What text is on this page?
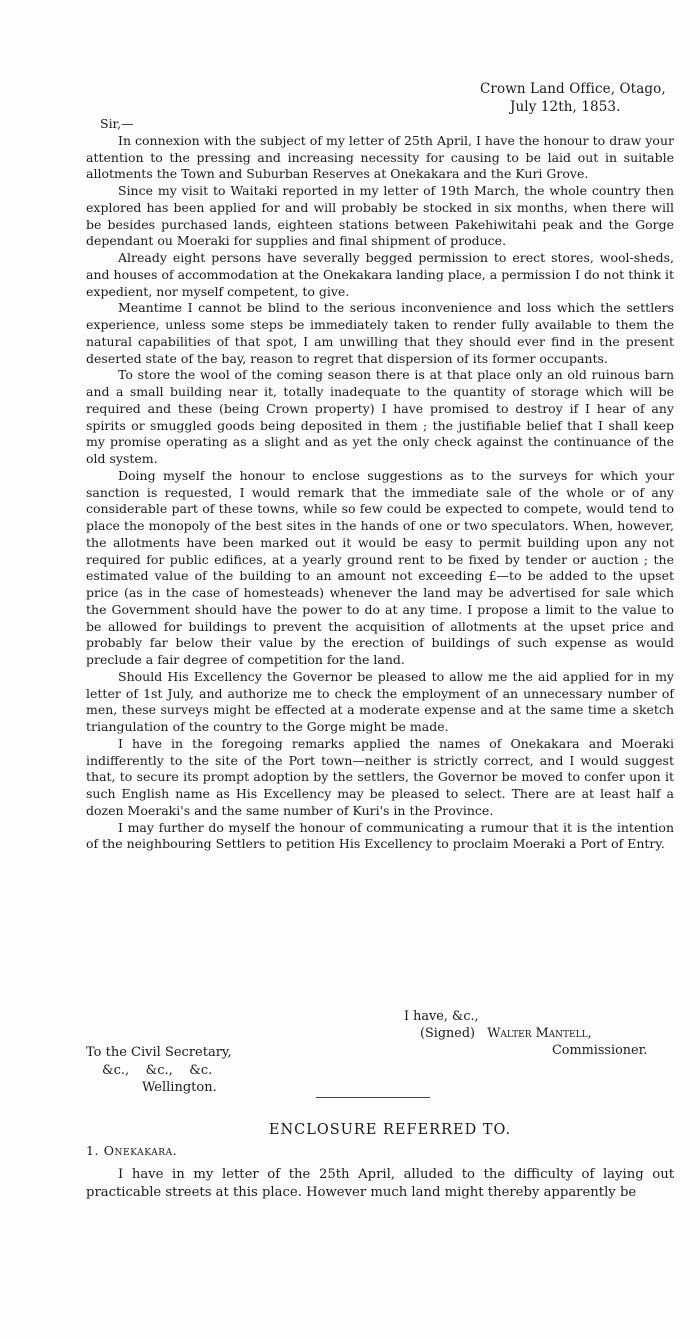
Crown Land Office, Otago,
July 12th, 1853.

Sir,—

In connexion with the subject of my letter of 25th April, I have the honour to draw your attention to the pressing and increasing necessity for causing to be laid out in suitable allotments the Town and Suburban Reserves at Onekakara and the Kuri Grove.

Since my visit to Waitaki reported in my letter of 19th March, the whole country then explored has been applied for and will probably be stocked in six months, when there will be besides purchased lands, eighteen stations between Pakehiwitahi peak and the Gorge dependant ou Moeraki for supplies and final shipment of produce.

Already eight persons have severally begged permission to erect stores, wool-sheds, and houses of accommodation at the Onekakara landing place, a permission I do not think it expedient, nor myself competent, to give.

Meantime I cannot be blind to the serious inconvenience and loss which the settlers experience, unless some steps be immediately taken to render fully available to them the natural capabilities of that spot, I am unwilling that they should ever find in the present deserted state of the bay, reason to regret that dispersion of its former occupants.

To store the wool of the coming season there is at that place only an old ruinous barn and a small building near it, totally inadequate to the quantity of storage which will be required and these (being Crown property) I have promised to destroy if I hear of any spirits or smuggled goods being deposited in them ; the justifiable belief that I shall keep my promise operating as a slight and as yet the only check against the continuance of the old system.

Doing myself the honour to enclose suggestions as to the surveys for which your sanction is requested, I would remark that the immediate sale of the whole or of any considerable part of these towns, while so few could be expected to compete, would tend to place the monopoly of the best sites in the hands of one or two speculators. When, however, the allotments have been marked out it would be easy to permit building upon any not required for public edifices, at a yearly ground rent to be fixed by tender or auction ; the estimated value of the building to an amount not exceeding £—to be added to the upset price (as in the case of homesteads) whenever the land may be advertised for sale which the Government should have the power to do at any time. I propose a limit to the value to be allowed for buildings to prevent the acquisition of allotments at the upset price and probably far below their value by the erection of buildings of such expense as would preclude a fair degree of competition for the land.

Should His Excellency the Governor be pleased to allow me the aid applied for in my letter of 1st July, and authorize me to check the employment of an unnecessary number of men, these surveys might be effected at a moderate expense and at the same time a sketch triangulation of the country to the Gorge might be made.

I have in the foregoing remarks applied the names of Onekakara and Moeraki indifferently to the site of the Port town—neither is strictly correct, and I would suggest that, to secure its prompt adoption by the settlers, the Governor be moved to confer upon it such English name as His Excellency may be pleased to select. There are at least half a dozen Moeraki's and the same number of Kuri's in the Province.

I may further do myself the honour of communicating a rumour that it is the intention of the neighbouring Settlers to petition His Excellency to proclaim Moeraki a Port of Entry.

I have, &c.,
(Signed) Walter Mantell,
Commissioner.
To the Civil Secretary,
&c.,    &c.,    &c.
Wellington.
ENCLOSURE REFERRED TO.
1. Onekakara.

I have in my letter of the 25th April, alluded to the difficulty of laying out practicable streets at this place. However much land might thereby apparently be
